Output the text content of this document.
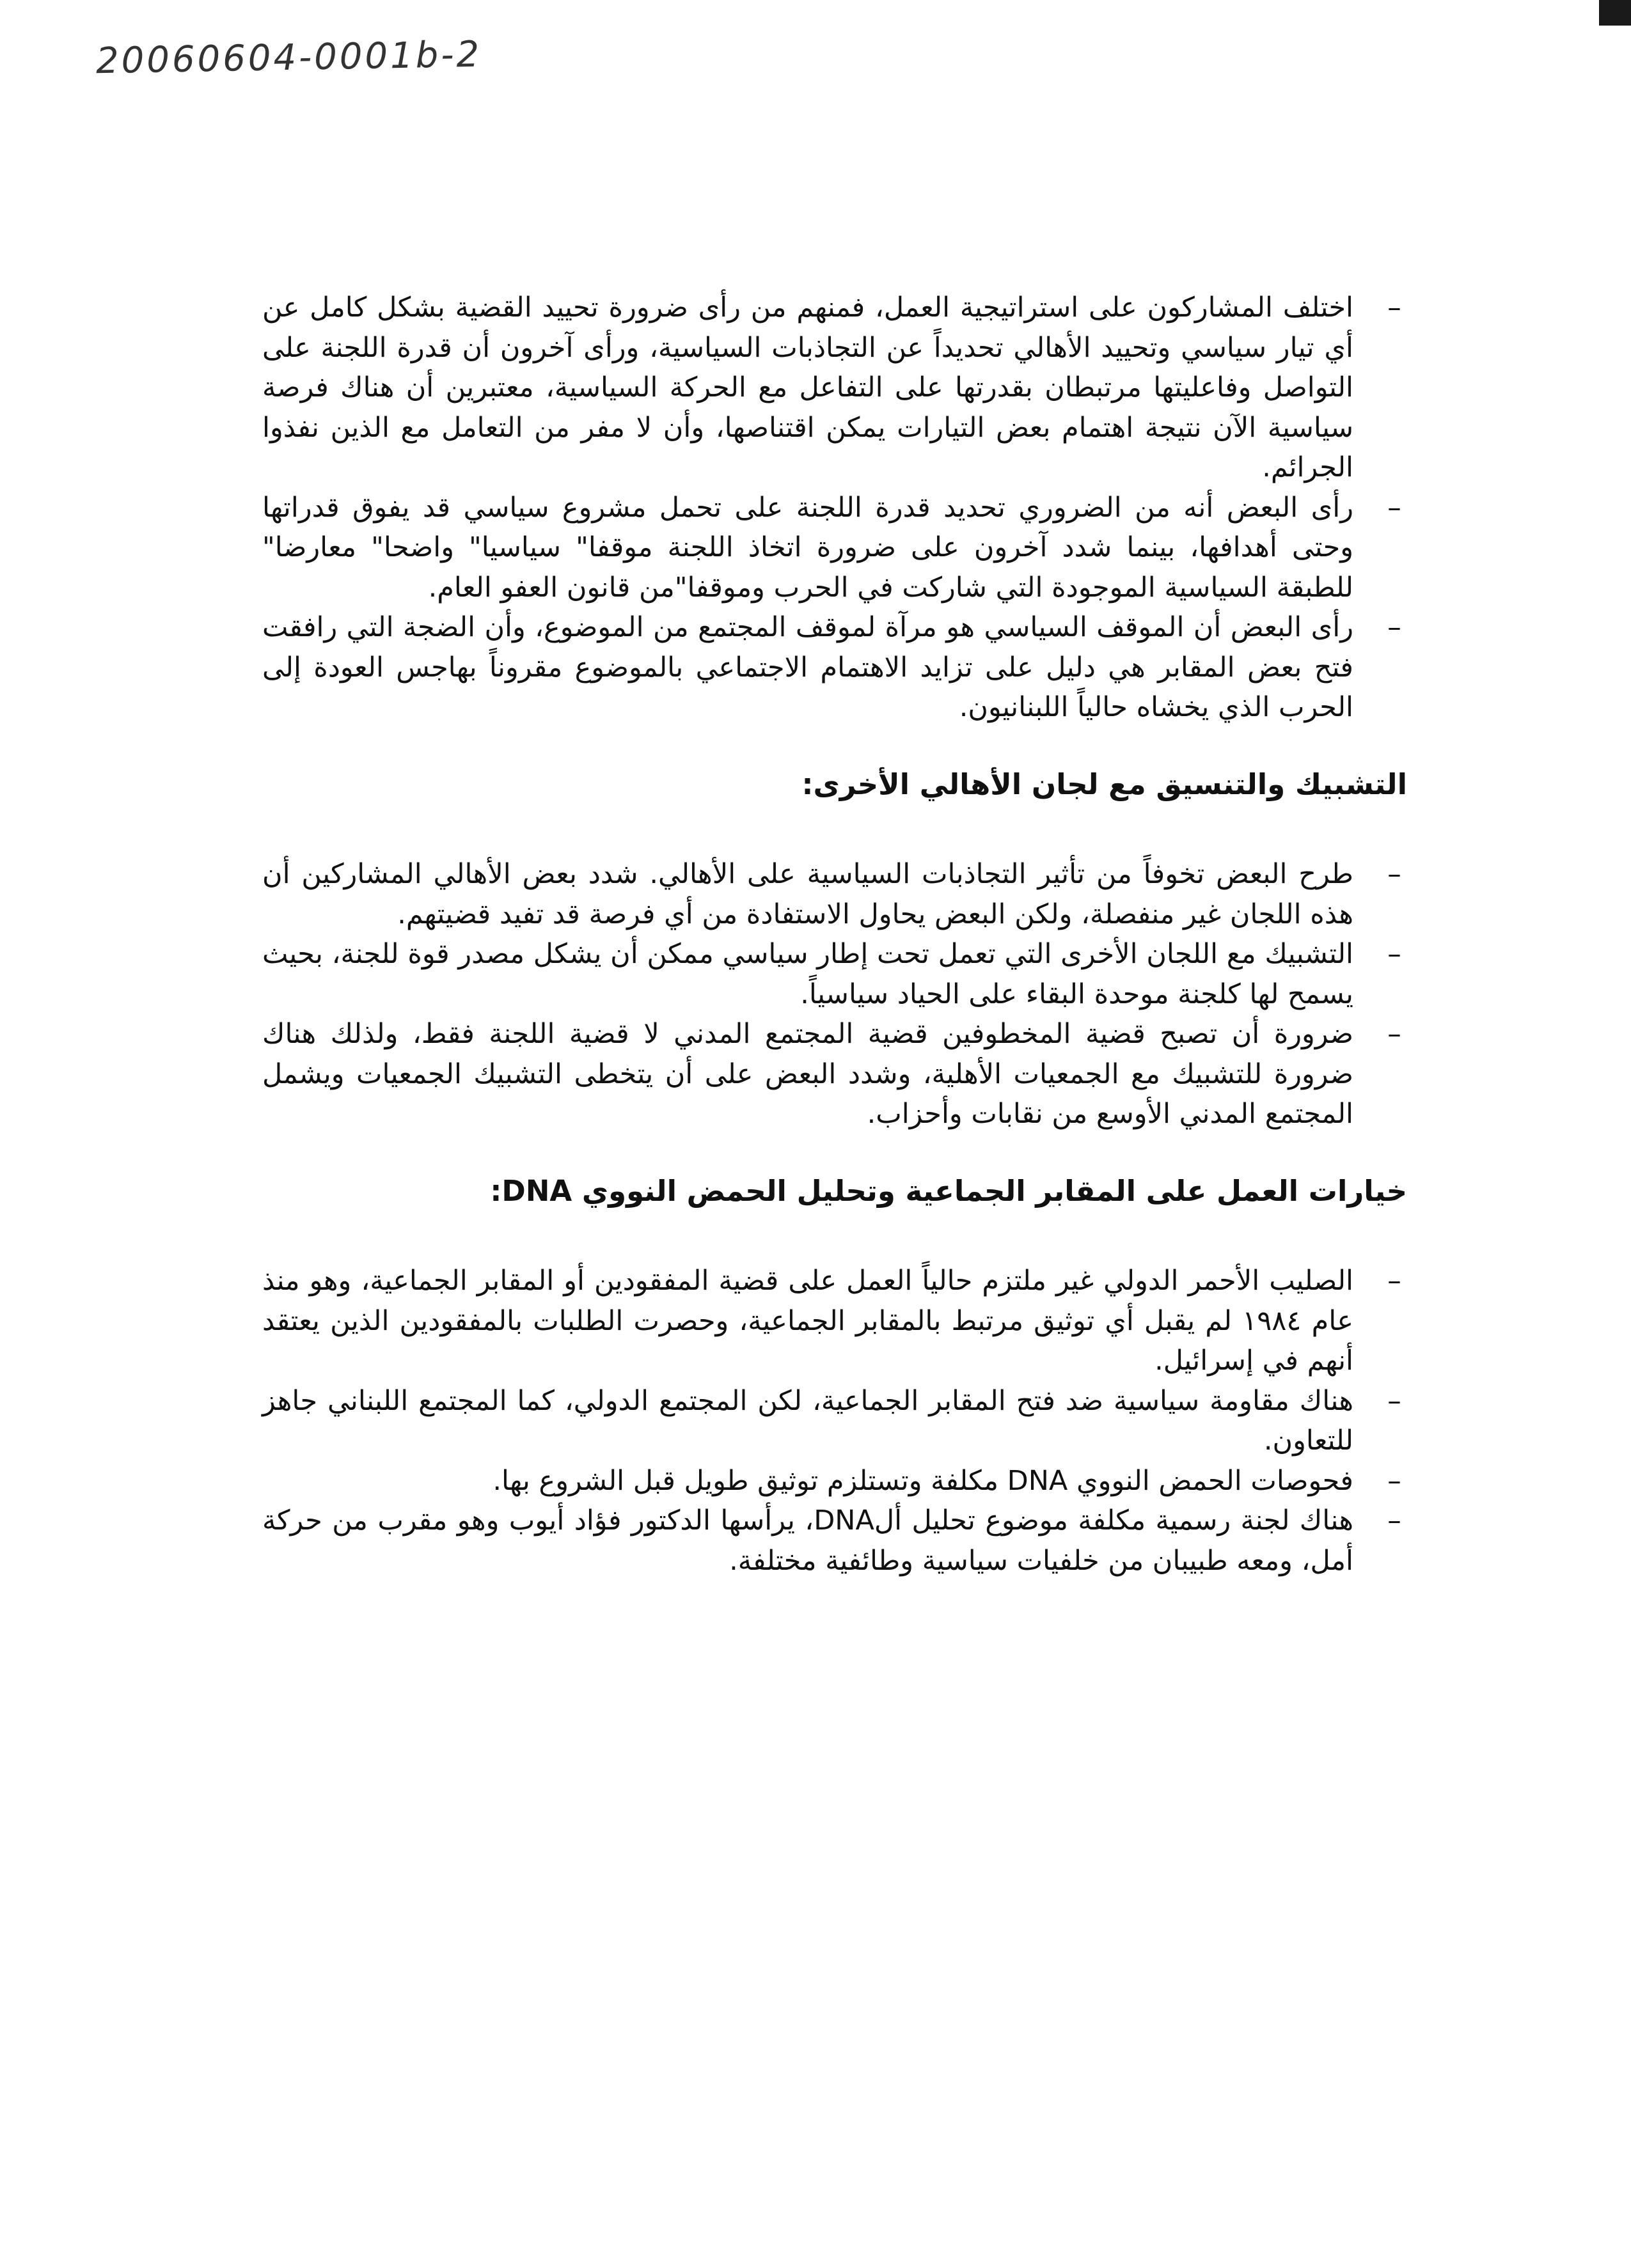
20060604-0001b-2
–
اختلف المشاركون على استراتيجية العمل، فمنهم من رأى ضرورة تحييد القضية بشكل كامل عن أي تيار سياسي وتحييد الأهالي تحديداً عن التجاذبات السياسية، ورأى آخرون أن قدرة اللجنة على التواصل وفاعليتها مرتبطان بقدرتها على التفاعل مع الحركة السياسية، معتبرين أن هناك فرصة سياسية الآن نتيجة اهتمام بعض التيارات يمكن اقتناصها، وأن لا مفر من التعامل مع الذين نفذوا الجرائم.
–
رأى البعض أنه من الضروري تحديد قدرة اللجنة على تحمل مشروع سياسي قد يفوق قدراتها وحتى أهدافها، بينما شدد آخرون على ضرورة اتخاذ اللجنة موقفا" سياسيا" واضحا" معارضا" للطبقة السياسية الموجودة التي شاركت في الحرب وموقفا"من قانون العفو العام.
–
رأى البعض أن الموقف السياسي هو مرآة لموقف المجتمع من الموضوع، وأن الضجة التي رافقت فتح بعض المقابر هي دليل على تزايد الاهتمام الاجتماعي بالموضوع مقروناً بهاجس العودة إلى الحرب الذي يخشاه حالياً اللبنانيون.
التشبيك والتنسيق مع لجان الأهالي الأخرى:
–
طرح البعض تخوفاً من تأثير التجاذبات السياسية على الأهالي. شدد بعض الأهالي المشاركين أن هذه اللجان غير منفصلة، ولكن البعض يحاول الاستفادة من أي فرصة قد تفيد قضيتهم.
–
التشبيك مع اللجان الأخرى التي تعمل تحت إطار سياسي ممكن أن يشكل مصدر قوة للجنة، بحيث يسمح لها كلجنة موحدة البقاء على الحياد سياسياً.
–
ضرورة أن تصبح قضية المخطوفين قضية المجتمع المدني لا قضية اللجنة فقط، ولذلك هناك ضرورة للتشبيك مع الجمعيات الأهلية، وشدد البعض على أن يتخطى التشبيك الجمعيات ويشمل المجتمع المدني الأوسع من نقابات وأحزاب.
خيارات العمل على المقابر الجماعية وتحليل الحمض النووي DNA:
–
الصليب الأحمر الدولي غير ملتزم حالياً العمل على قضية المفقودين أو المقابر الجماعية، وهو منذ عام ١٩٨٤ لم يقبل أي توثيق مرتبط بالمقابر الجماعية، وحصرت الطلبات بالمفقودين الذين يعتقد أنهم في إسرائيل.
–
هناك مقاومة سياسية ضد فتح المقابر الجماعية، لكن المجتمع الدولي، كما المجتمع اللبناني جاهز للتعاون.
–
فحوصات الحمض النووي DNA مكلفة وتستلزم توثيق طويل قبل الشروع بها.
–
هناك لجنة رسمية مكلفة موضوع تحليل ألDNA، يرأسها الدكتور فؤاد أيوب وهو مقرب من حركة أمل، ومعه طبيبان من خلفيات سياسية وطائفية مختلفة.
